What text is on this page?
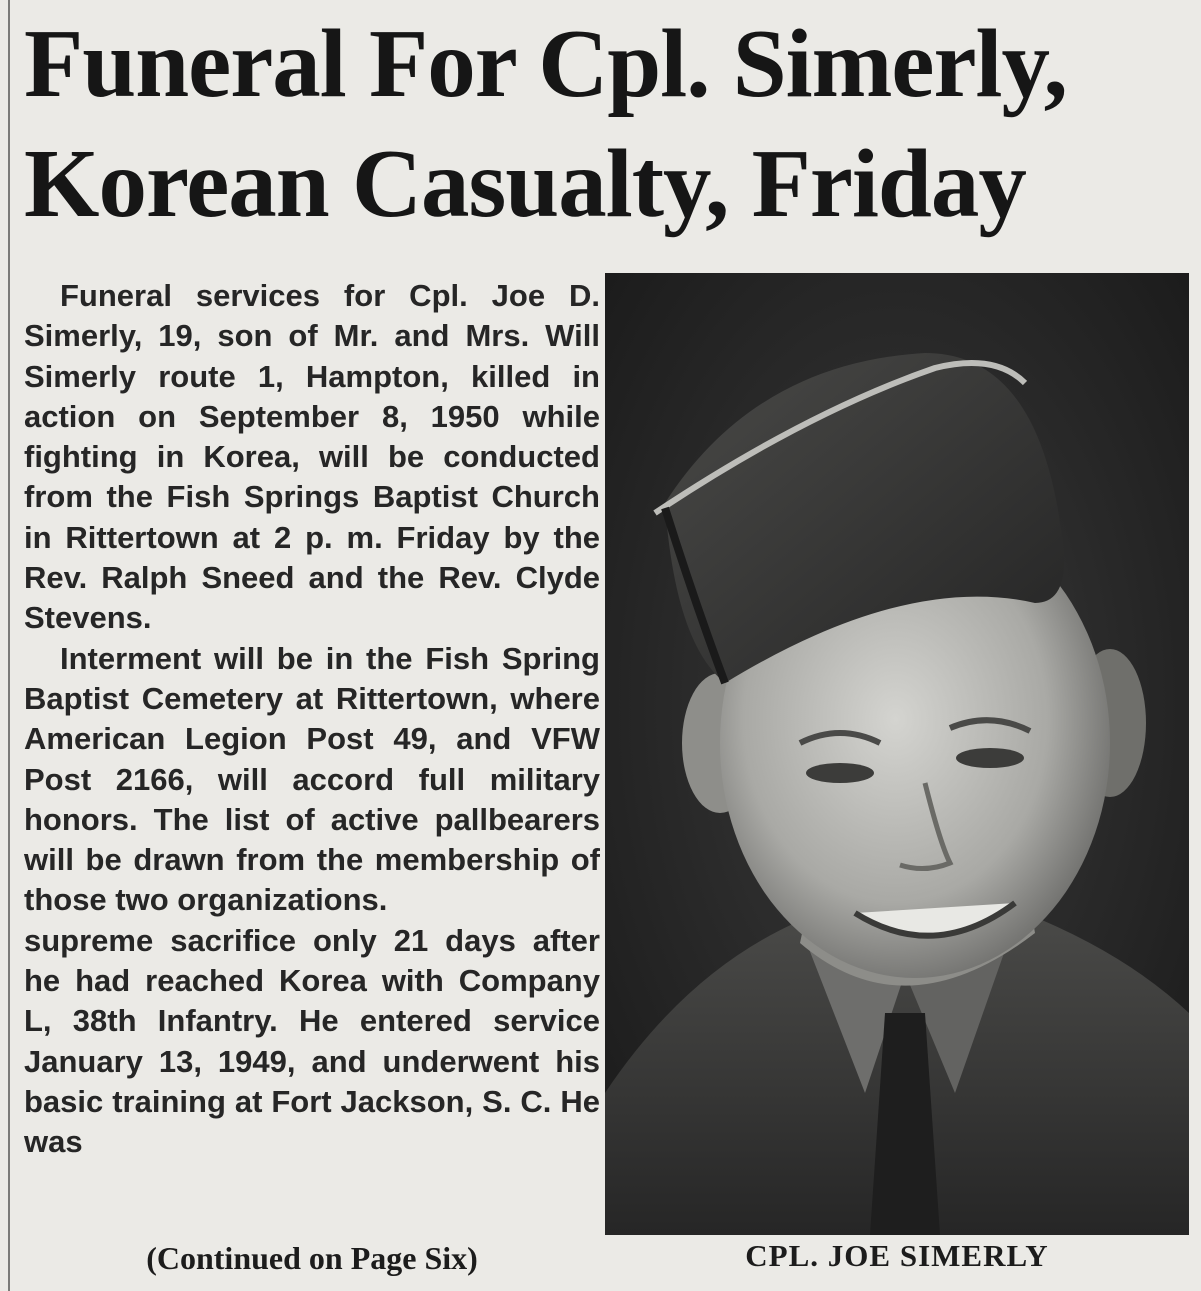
Funeral For Cpl. Simerly,
Korean Casualty, Friday

Funeral services for Cpl. Joe D. Simerly, 19, son of Mr. and Mrs. Will Simerly route 1, Hampton, killed in action on September 8, 1950 while fighting in Korea, will be conducted from the Fish Springs Baptist Church in Rittertown at 2 p. m. Friday by the Rev. Ralph Sneed and the Rev. Clyde Stevens.

Interment will be in the Fish Spring Baptist Cemetery at Rittertown, where American Legion Post 49, and VFW Post 2166, will accord full military honors. The list of active pallbearers will be drawn from the membership of those two organizations.

supreme sacrifice only 21 days after he had reached Korea with Company L, 38th Infantry. He entered service January 13, 1949, and underwent his basic training at Fort Jackson, S. C. He was

(Continued on Page Six)	CPL. JOE SIMERLY
